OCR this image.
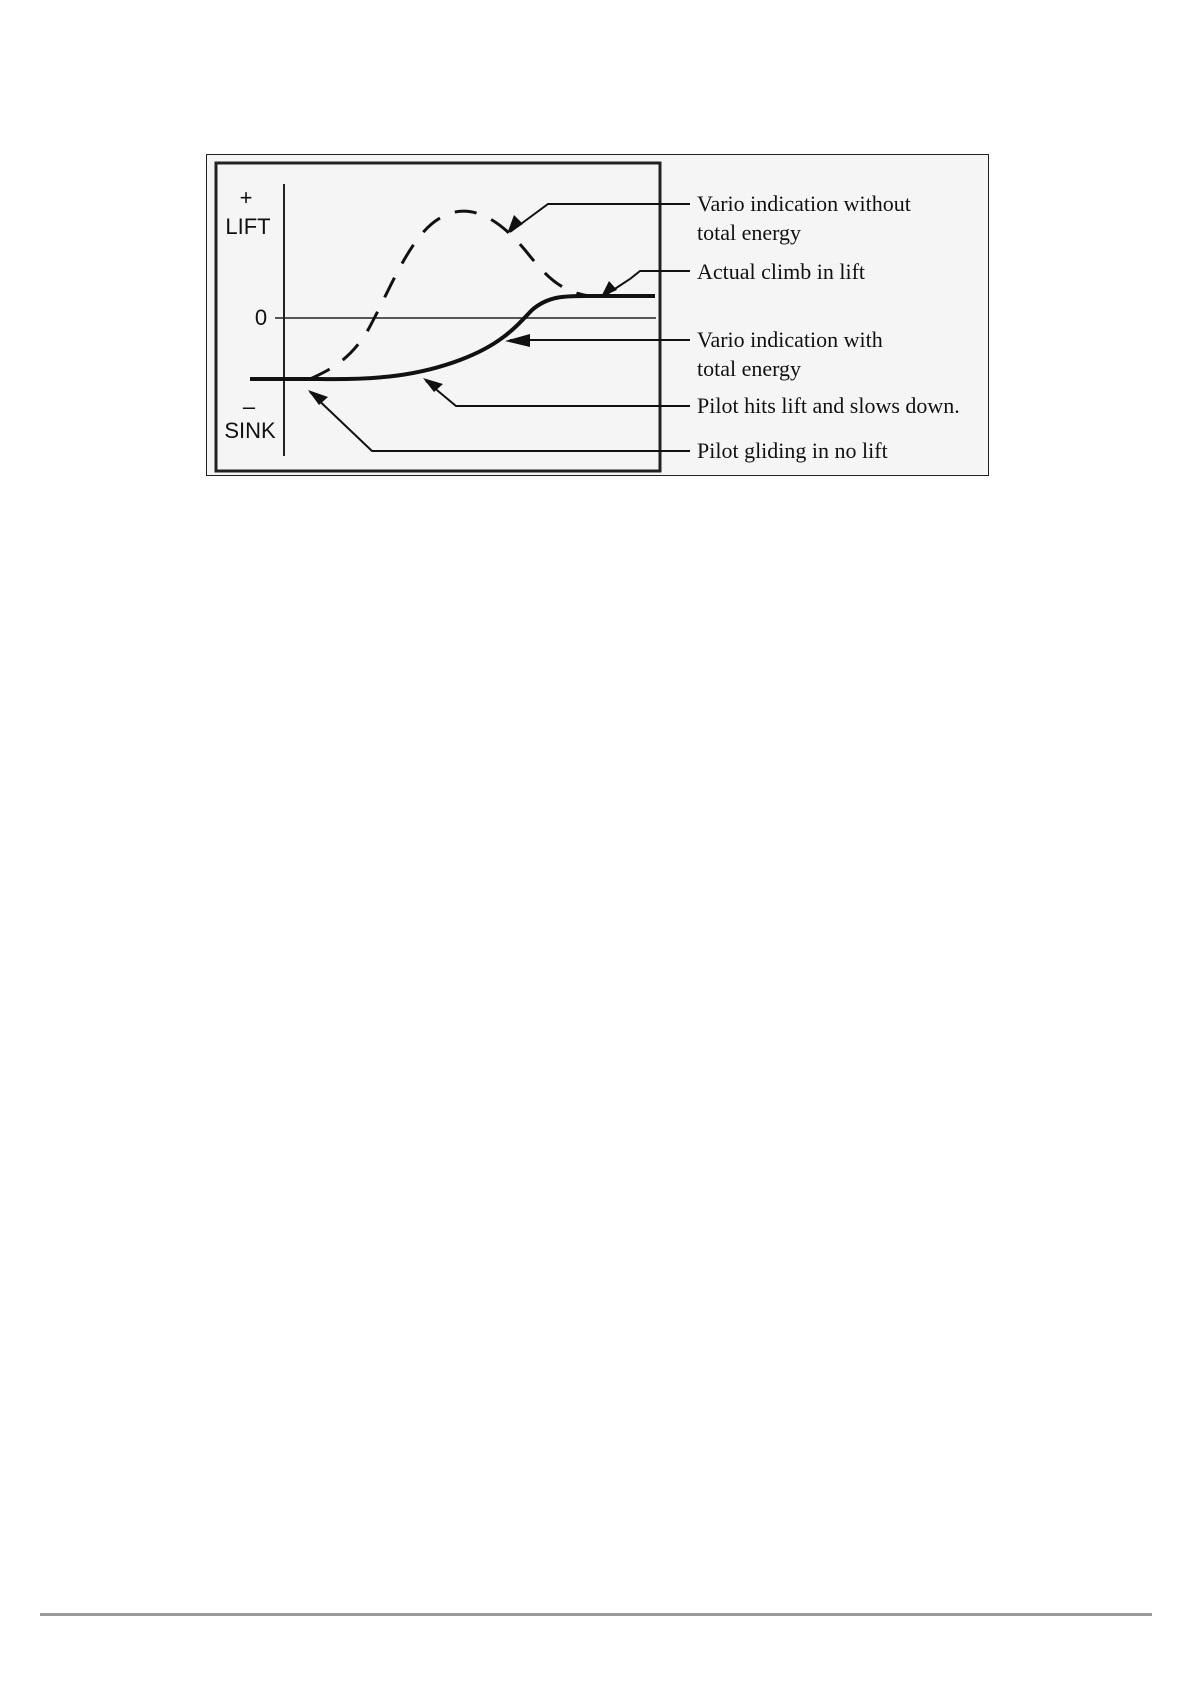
+
LIFT
0
–
SINK
Vario indication without
total energy
Actual climb in lift
Vario indication with
total energy
Pilot hits lift and slows down.
Pilot gliding in no lift
